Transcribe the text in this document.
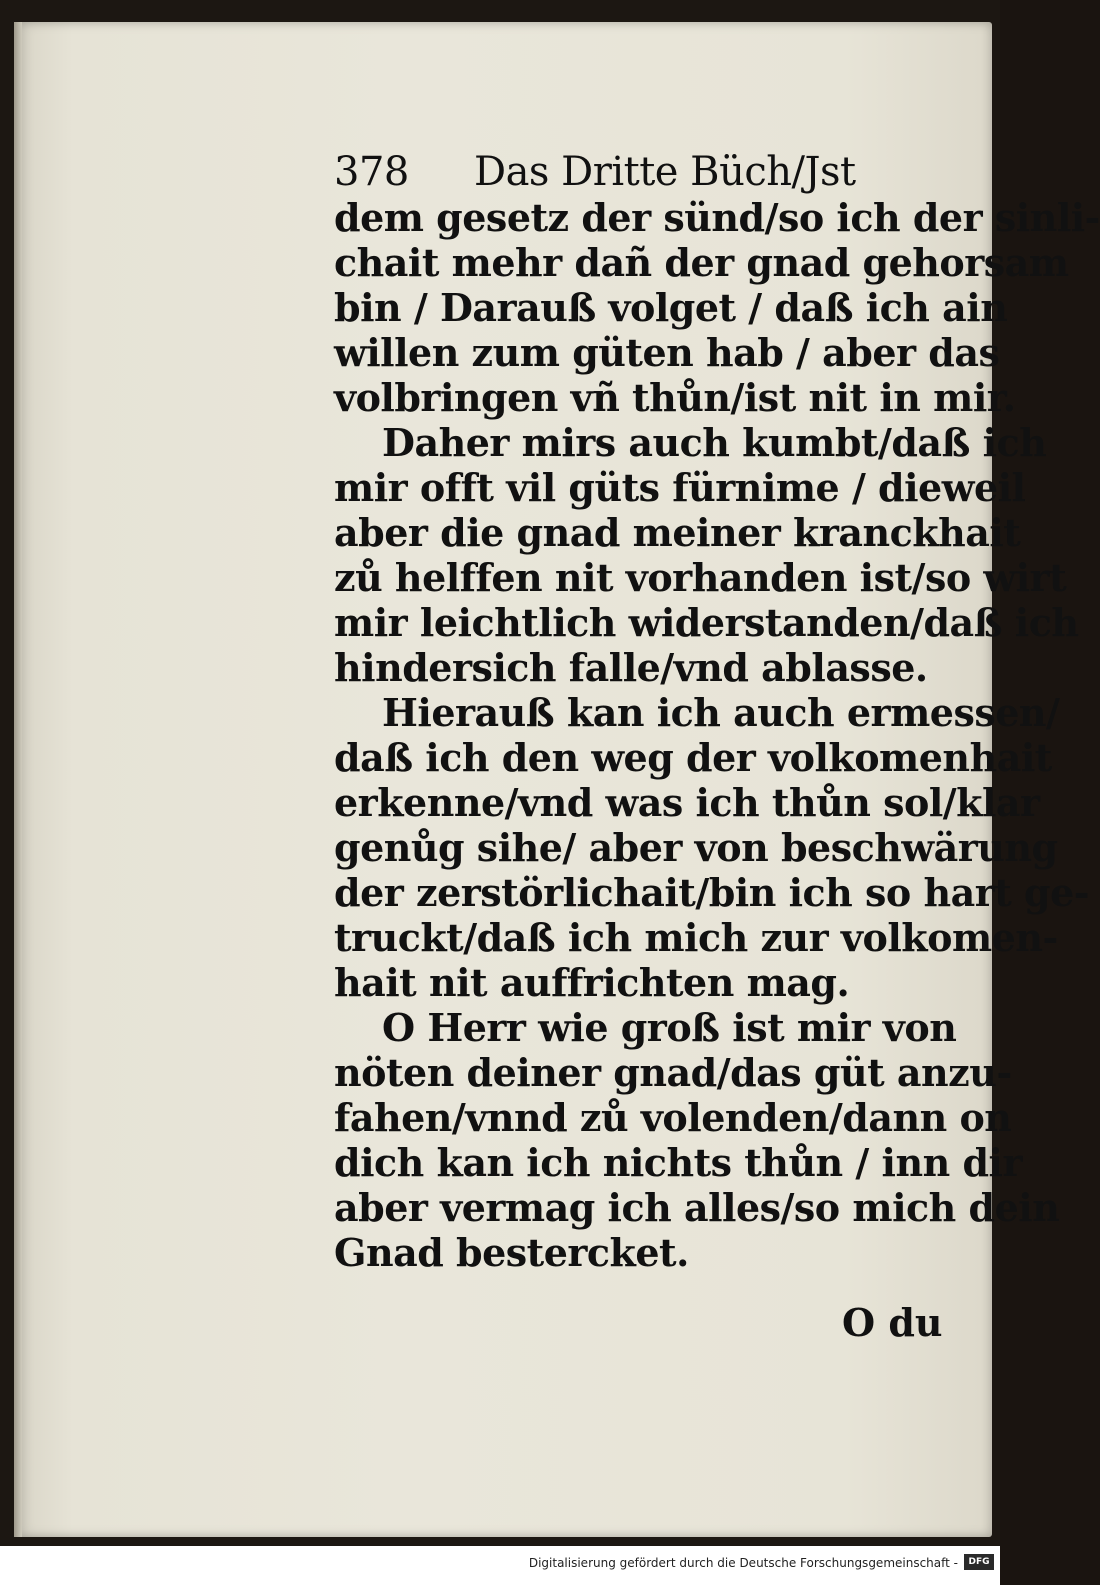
378	Das Dritte Büch/Jst
dem gesetz der sünd/so ich der sinli-
chait mehr dañ der gnad gehorsam
bin / Darauß volget / daß ich ain
willen zum güten hab / aber das
volbringen vñ thůn/ist nit in mir.
Daher mirs auch kumbt/daß ich
mir offt vil güts fürnime / dieweil
aber die gnad meiner kranckhait
zů helffen nit vorhanden ist/so wirt
mir leichtlich widerstanden/daß ich
hindersich falle/vnd ablasse.
Hierauß kan ich auch ermessen/
daß ich den weg der volkomenhait
erkenne/vnd was ich thůn sol/klar
genůg sihe/ aber von beschwärung
der zerstörlichait/bin ich so hart ge-
truckt/daß ich mich zur volkomen-
hait nit auffrichten mag.
O Herr wie groß ist mir von
nöten deiner gnad/das güt anzu-
fahen/vnnd zů volenden/dann on
dich kan ich nichts thůn / inn dir
aber vermag ich alles/so mich dein
Gnad bestercket.
O du
Digitalisierung gefördert durch die Deutsche Forschungsgemeinschaft -	DFG
